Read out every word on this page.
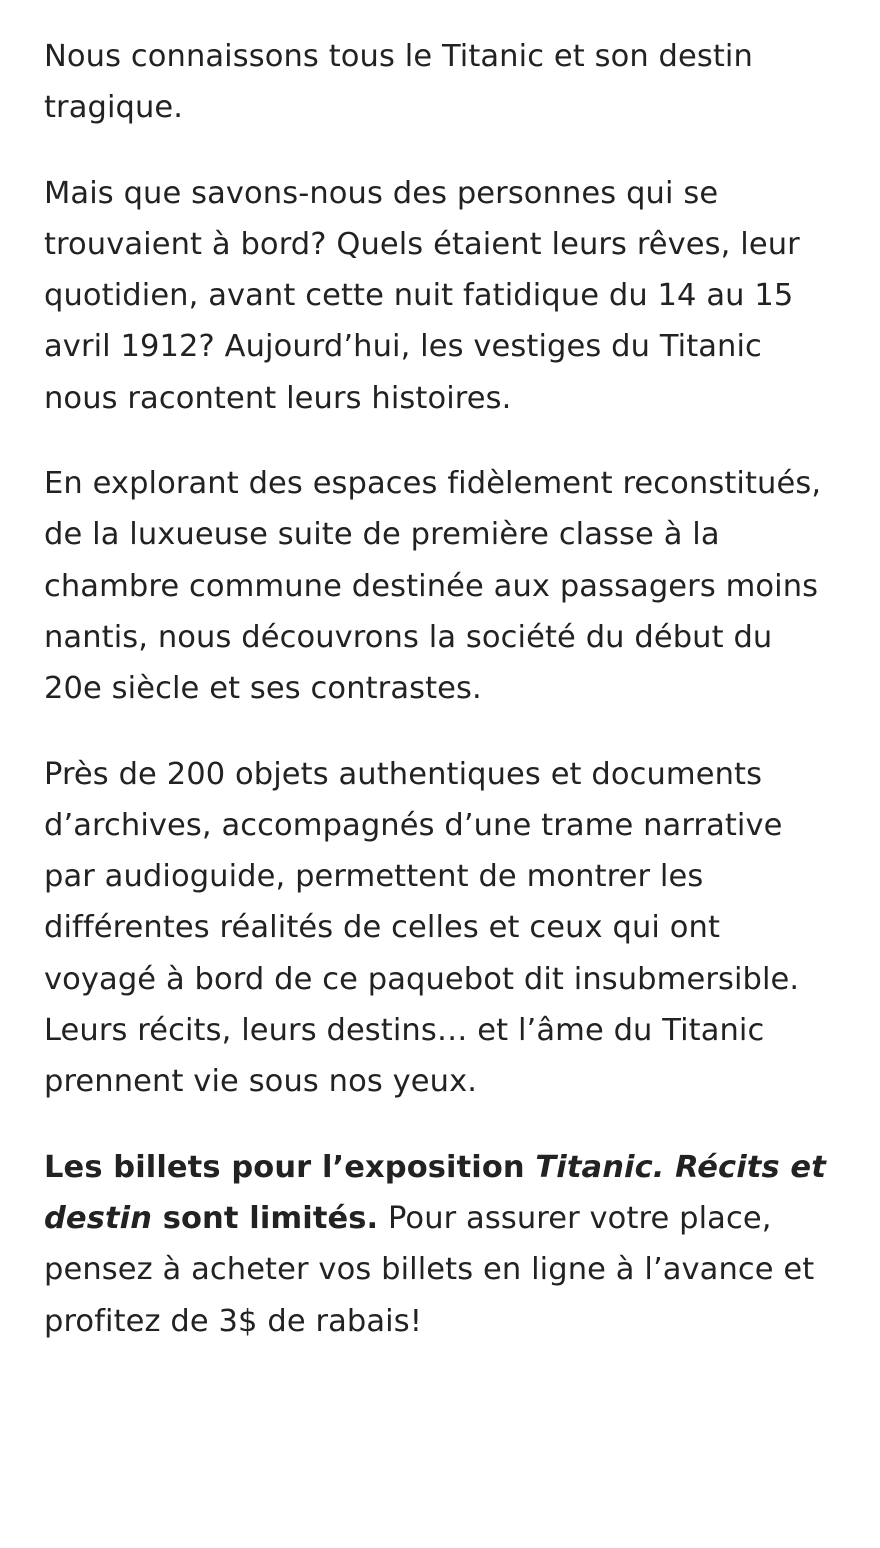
Nous connaissons tous le Titanic et son destin tragique.

Mais que savons-nous des personnes qui se trouvaient à bord? Quels étaient leurs rêves, leur quotidien, avant cette nuit fatidique du 14 au 15 avril 1912? Aujourd’hui, les vestiges du Titanic nous racontent leurs histoires.

En explorant des espaces fidèlement reconstitués, de la luxueuse suite de première classe à la chambre commune destinée aux passagers moins nantis, nous découvrons la société du début du 20e siècle et ses contrastes.

Près de 200 objets authentiques et documents d’archives, accompagnés d’une trame narrative par audioguide, permettent de montrer les différentes réalités de celles et ceux qui ont voyagé à bord de ce paquebot dit insubmersible. Leurs récits, leurs destins… et l’âme du Titanic prennent vie sous nos yeux.

Les billets pour l’exposition Titanic. Récits et destin sont limités. Pour assurer votre place, pensez à acheter vos billets en ligne à l’avance et profitez de 3$ de rabais!
